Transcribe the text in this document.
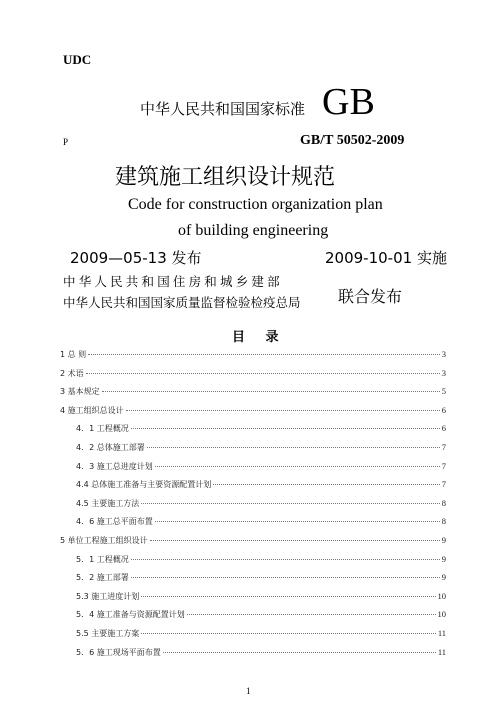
UDC
中华人民共和国国家标准 GB
P	GB/T 50502-2009
建筑施工组织设计规范
Code for construction organization plan
of building engineering
2009—05-13 发布	2009-10-01 实施
中华人民共和国住房和城乡建部
中华人民共和国国家质量监督检验检疫总局 联合发布
目 录
1 总 则	3
2 术语	3
3 基本规定	5
4 施工组织总设计	6
4．1 工程概况	6
4．2 总体施工部署	7
4．3 施工总进度计划	7
4.4 总体施工准备与主要资源配置计划	7
4.5 主要施工方法	8
4．6 施工总平面布置	8
5 单位工程施工组织设计	9
5．1 工程概况	9
5．2 施工部署	9
5.3 施工进度计划	10
5．4 施工准备与资源配置计划	10
5.5 主要施工方案	11
5．6 施工现场平面布置	11
1
